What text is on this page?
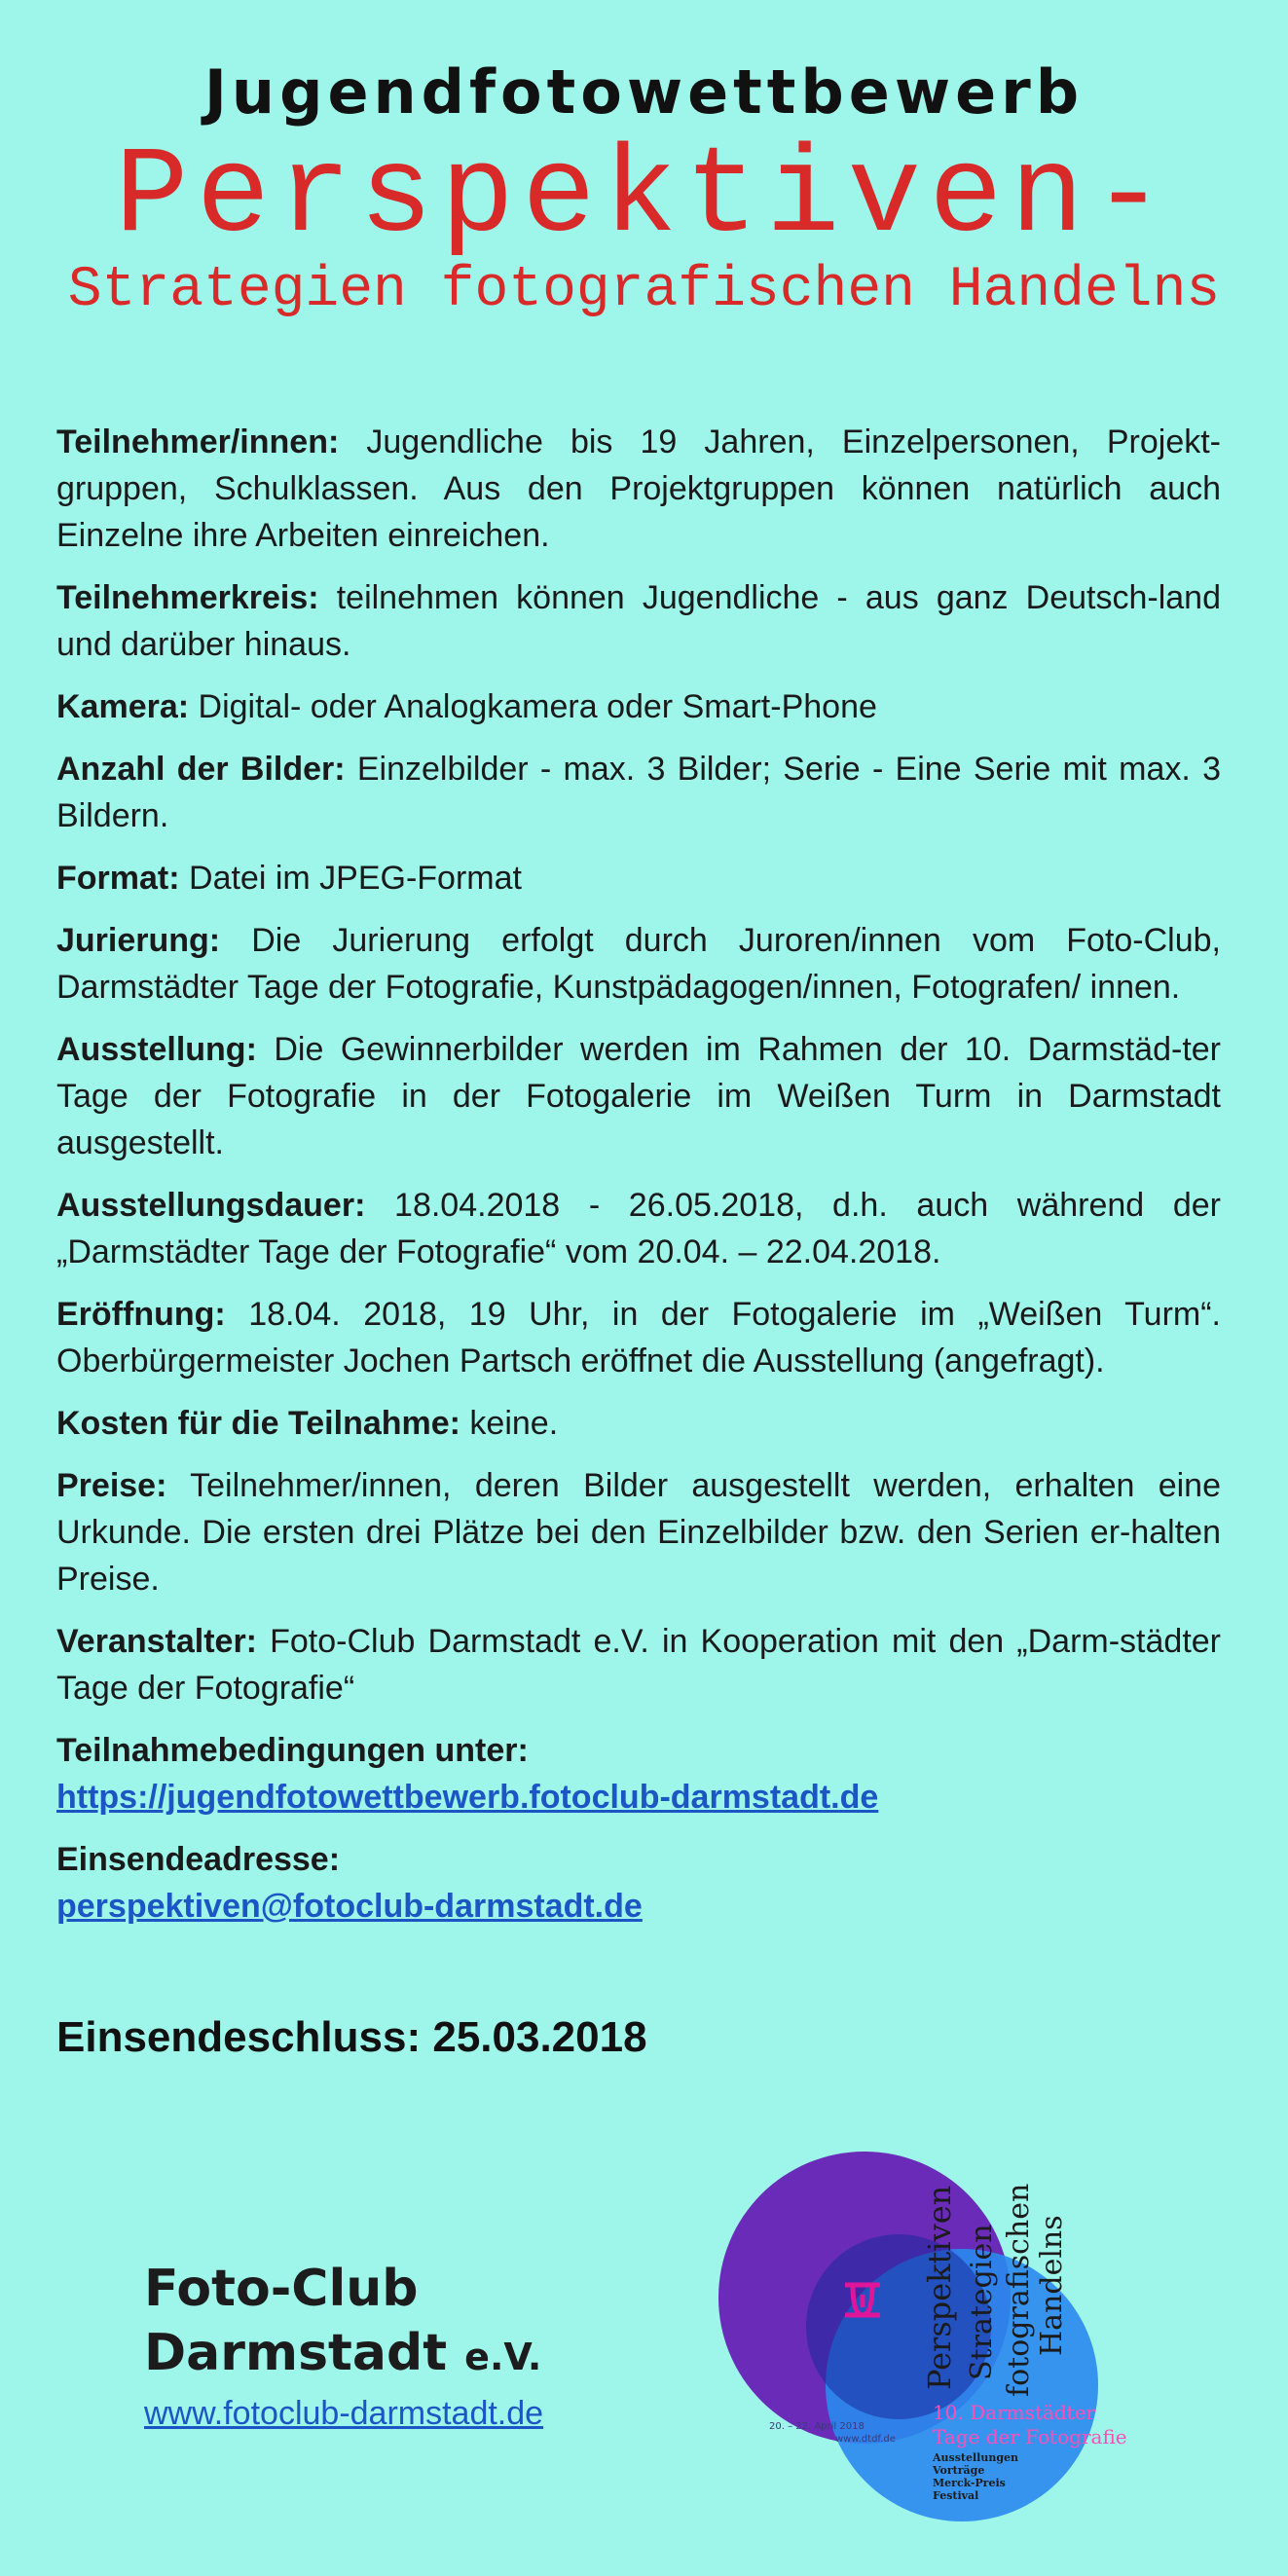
Jugendfotowettbewerb
Perspektiven-
Strategien fotografischen Handelns

Teilnehmer/innen: Jugendliche bis 19 Jahren, Einzelpersonen, Projekt-gruppen, Schulklassen. Aus den Projektgruppen können natürlich auch Einzelne ihre Arbeiten einreichen.

Teilnehmerkreis: teilnehmen können Jugendliche - aus ganz Deutsch-land und darüber hinaus.

Kamera: Digital- oder Analogkamera oder Smart-Phone

Anzahl der Bilder: Einzelbilder - max. 3 Bilder; Serie - Eine Serie mit max. 3 Bildern.

Format: Datei im JPEG-Format

Jurierung: Die Jurierung erfolgt durch Juroren/innen vom Foto-Club, Darmstädter Tage der Fotografie, Kunstpädagogen/innen, Fotografen/ innen.

Ausstellung: Die Gewinnerbilder werden im Rahmen der 10. Darmstäd-ter Tage der Fotografie in der Fotogalerie im Weißen Turm in Darmstadt ausgestellt.

Ausstellungsdauer: 18.04.2018 - 26.05.2018, d.h. auch während der „Darmstädter Tage der Fotografie“ vom 20.04. – 22.04.2018.

Eröffnung: 18.04. 2018, 19 Uhr, in der Fotogalerie im „Weißen Turm“. Oberbürgermeister Jochen Partsch eröffnet die Ausstellung (angefragt).

Kosten für die Teilnahme: keine.

Preise: Teilnehmer/innen, deren Bilder ausgestellt werden, erhalten eine Urkunde. Die ersten drei Plätze bei den Einzelbilder bzw. den Serien er-halten Preise.

Veranstalter: Foto-Club Darmstadt e.V. in Kooperation mit den „Darm-städter Tage der Fotografie“

Teilnahmebedingungen unter:
https://jugendfotowettbewerb.fotoclub-darmstadt.de

Einsendeadresse:
perspektiven@fotoclub-darmstadt.de

Einsendeschluss: 25.03.2018
Foto-Club
Darmstadt e.V.
www.fotoclub-darmstadt.de
Perspektiven Strategien fotografischen Handelns
10. Darmstädter
Tage der Fotografie
20. – 22. April 2018
www.dtdf.de
Ausstellungen
Vorträge
Merck-Preis
Festival
